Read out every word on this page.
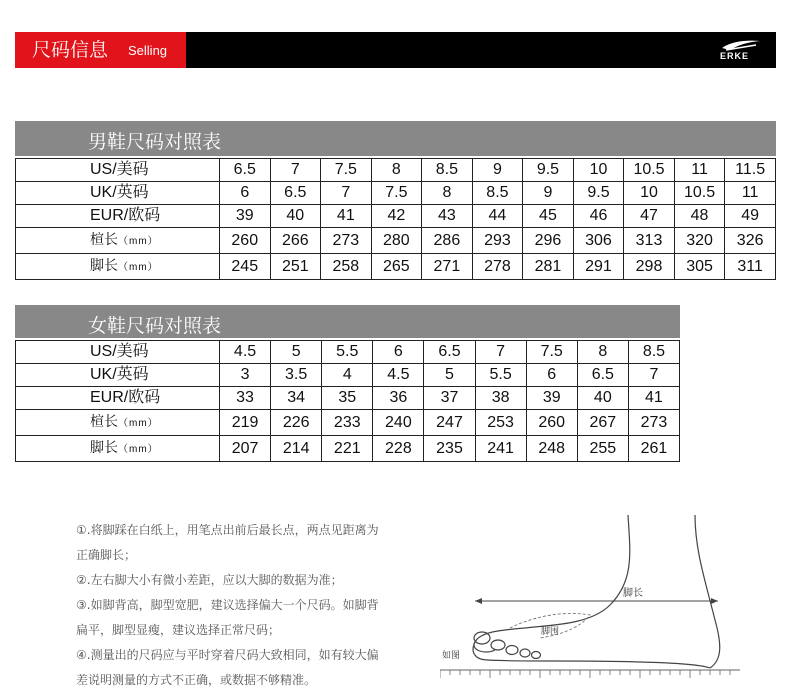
尺码信息 Selling	ERKE
男鞋尺码对照表
US/美码	6.5	7	7.5	8	8.5	9	9.5	10	10.5	11	11.5
UK/英码	6	6.5	7	7.5	8	8.5	9	9.5	10	10.5	11
EUR/欧码	39	40	41	42	43	44	45	46	47	48	49
楦长（mm）	260	266	273	280	286	293	296	306	313	320	326
脚长（mm）	245	251	258	265	271	278	281	291	298	305	311
女鞋尺码对照表
US/美码	4.5	5	5.5	6	6.5	7	7.5	8	8.5
UK/英码	3	3.5	4	4.5	5	5.5	6	6.5	7
EUR/欧码	33	34	35	36	37	38	39	40	41
楦长（mm）	219	226	233	240	247	253	260	267	273
脚长（mm）	207	214	221	228	235	241	248	255	261

①.将脚踩在白纸上，用笔点出前后最长点，两点见距离为

正确脚长；

②.左右脚大小有微小差距，应以大脚的数据为准；

③.如脚背高，脚型宽肥，建议选择偏大一个尺码。如脚背

扁平，脚型显瘦，建议选择正常尺码；

④.测量出的尺码应与平时穿着尺码大致相同，如有较大偏

差说明测量的方式不正确，或数据不够精准。

脚长
脚围
如图
